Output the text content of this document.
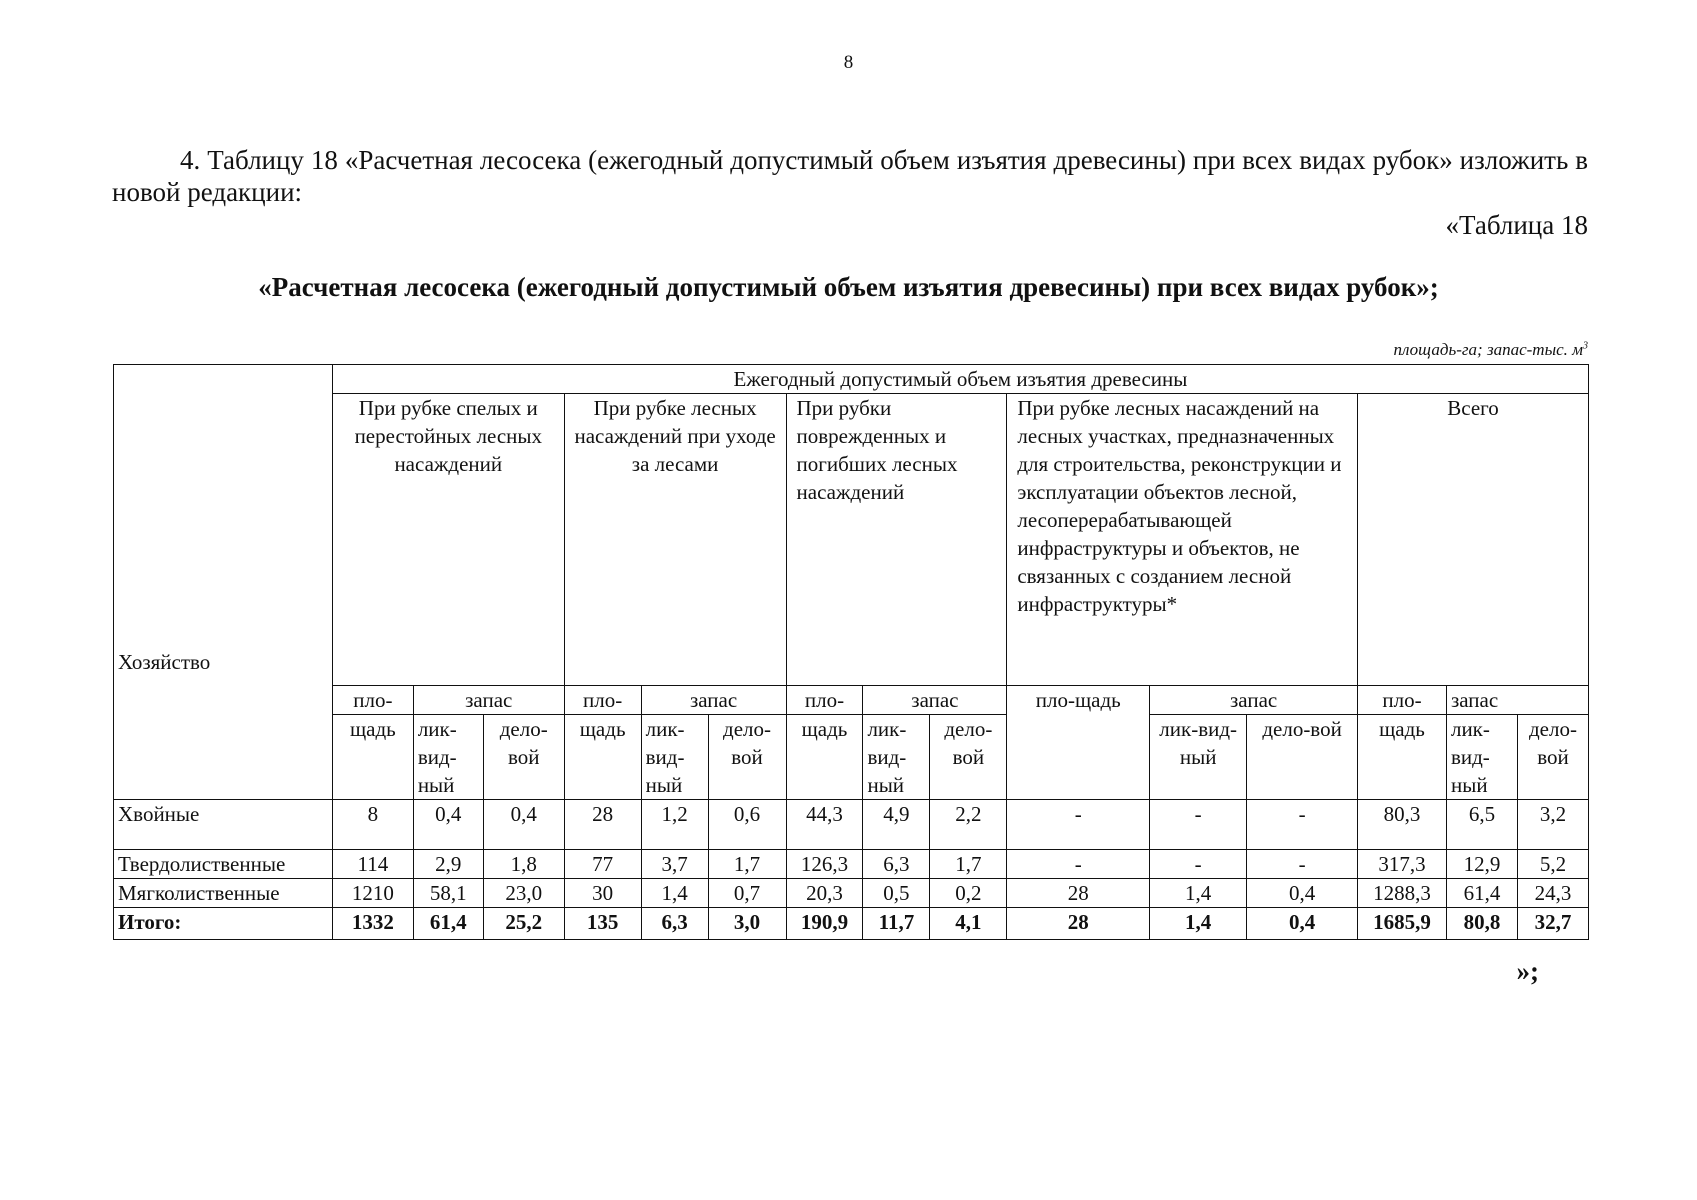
8
4. Таблицу 18 «Расчетная лесосека (ежегодный допустимый объем изъятия древесины) при всех видах рубок» изложить в новой редакции:
«Таблица 18
«Расчетная лесосека (ежегодный допустимый объем изъятия древесины) при всех видах рубок»;
площадь-га; запас-тыс. $м^3$
Хозяйство	Ежегодный допустимый объем изъятия древесины														
	При рубке спелых и перестойных лесных насаждений			При рубке лесных насаждений при уходе за лесами			При рубки поврежденных и погибших лесных насаждений			При рубке лесных насаждений на лесных участках, предназначенных для строительства, реконструкции и эксплуатации объектов лесной, лесоперерабатывающей инфраструктуры и объектов, не связанных с созданием лесной инфраструктуры*			Всего		
	пло-	запас		пло-	запас		пло-	запас		пло-щадь	запас		пло-	запас	
	щадь	лик-вид-ный	дело-вой	щадь	лик-вид-ный	дело-вой	щадь	лик-вид-ный	дело-вой		лик-вид-ный	дело-вой	щадь	лик-вид-ный	дело-вой
Хвойные	8	0,4	0,4	28	1,2	0,6	44,3	4,9	2,2	-	-	-	80,3	6,5	3,2
Твердолиственные	114	2,9	1,8	77	3,7	1,7	126,3	6,3	1,7	-	-	-	317,3	12,9	5,2
Мягколиственные	1210	58,1	23,0	30	1,4	0,7	20,3	0,5	0,2	28	1,4	0,4	1288,3	61,4	24,3
Итого:	1332	61,4	25,2	135	6,3	3,0	190,9	11,7	4,1	28	1,4	0,4	1685,9	80,8	32,7
»;
